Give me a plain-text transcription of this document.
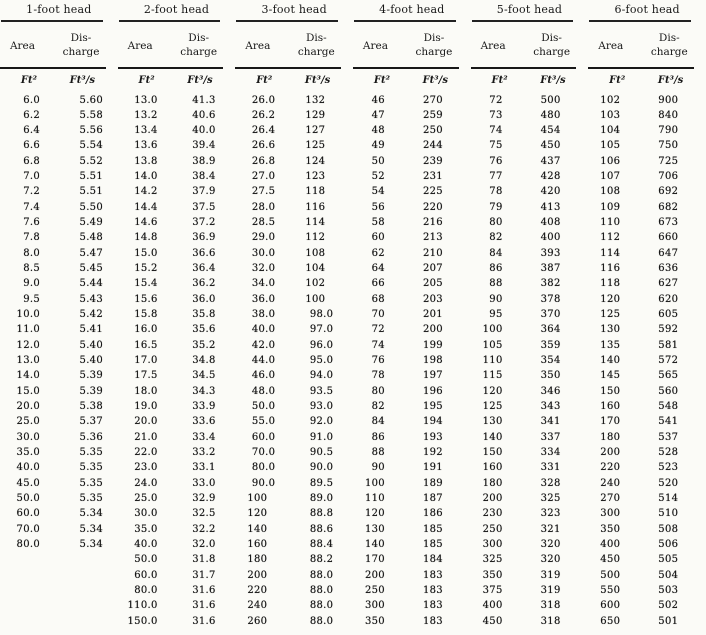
1-foot head
Area
Dis-charge
Ft²	Ft³/s
6.0	5.60
6.2	5.58
6.4	5.56
6.6	5.54
6.8	5.52
7.0	5.51
7.2	5.51
7.4	5.50
7.6	5.49
7.8	5.48
8.0	5.47
8.5	5.45
9.0	5.44
9.5	5.43
10.0	5.42
11.0	5.41
12.0	5.40
13.0	5.40
14.0	5.39
15.0	5.39
20.0	5.38
25.0	5.37
30.0	5.36
35.0	5.35
40.0	5.35
45.0	5.35
50.0	5.35
60.0	5.34
70.0	5.34
80.0	5.34
2-foot head
Area
Dis-charge
Ft²	Ft³/s
13.0	41.3
13.2	40.6
13.4	40.0
13.6	39.4
13.8	38.9
14.0	38.4
14.2	37.9
14.4	37.5
14.6	37.2
14.8	36.9
15.0	36.6
15.2	36.4
15.4	36.2
15.6	36.0
15.8	35.8
16.0	35.6
16.5	35.2
17.0	34.8
17.5	34.5
18.0	34.3
19.0	33.9
20.0	33.6
21.0	33.4
22.0	33.2
23.0	33.1
24.0	33.0
25.0	32.9
30.0	32.5
35.0	32.2
40.0	32.0
50.0	31.8
60.0	31.7
80.0	31.6
110.0	31.6
150.0	31.6
3-foot head
Area
Dis-charge
Ft²	Ft³/s
26.0	132
26.2	129
26.4	127
26.6	125
26.8	124
27.0	123
27.5	118
28.0	116
28.5	114
29.0	112
30.0	108
32.0	104
34.0	102
36.0	100
38.0	98.0
40.0	97.0
42.0	96.0
44.0	95.0
46.0	94.0
48.0	93.5
50.0	93.0
55.0	92.0
60.0	91.0
70.0	90.5
80.0	90.0
90.0	89.5
100	89.0
120	88.8
140	88.6
160	88.4
180	88.2
200	88.0
220	88.0
240	88.0
260	88.0
4-foot head
Area
Dis-charge
Ft²	Ft³/s
46	270
47	259
48	250
49	244
50	239
52	231
54	225
56	220
58	216
60	213
62	210
64	207
66	205
68	203
70	201
72	200
74	199
76	198
78	197
80	196
82	195
84	194
86	193
88	192
90	191
100	189
110	187
120	186
130	185
140	185
170	184
200	183
250	183
300	183
350	183
5-foot head
Area
Dis-charge
Ft²	Ft³/s
72	500
73	480
74	454
75	450
76	437
77	428
78	420
79	413
80	408
82	400
84	393
86	387
88	382
90	378
95	370
100	364
105	359
110	354
115	350
120	346
125	343
130	341
140	337
150	334
160	331
180	328
200	325
230	323
250	321
300	320
325	320
350	319
375	319
400	318
450	318
6-foot head
Area
Dis-charge
Ft²	Ft³/s
102	900
103	840
104	790
105	750
106	725
107	706
108	692
109	682
110	673
112	660
114	647
116	636
118	627
120	620
125	605
130	592
135	581
140	572
145	565
150	560
160	548
170	541
180	537
200	528
220	523
240	520
270	514
300	510
350	508
400	506
450	505
500	504
550	503
600	502
650	501
